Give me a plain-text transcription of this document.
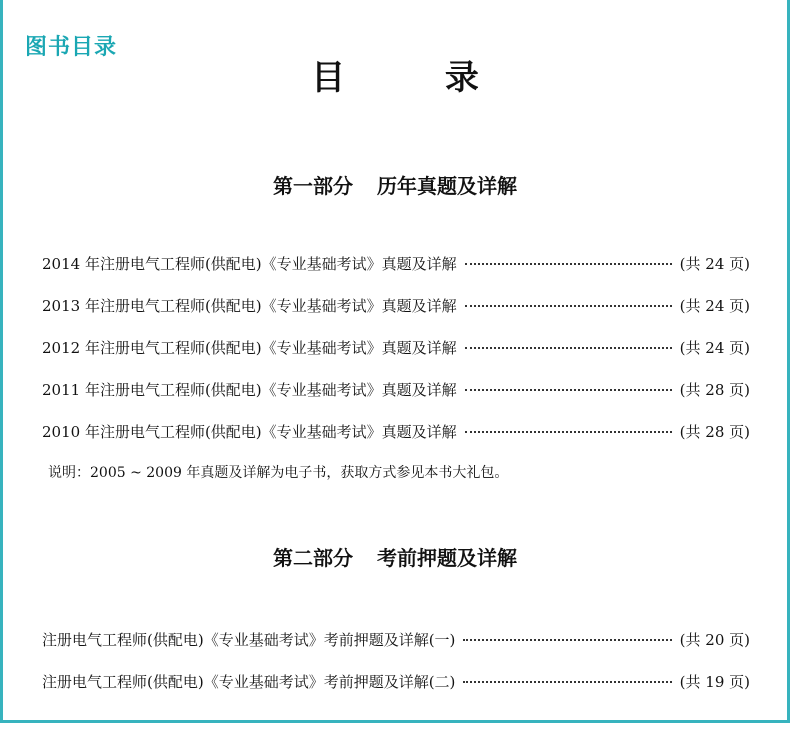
图书目录
目 录
第一部分 历年真题及详解
2014 年注册电气工程师(供配电)《专业基础考试》真题及详解	(共 24 页)
2013 年注册电气工程师(供配电)《专业基础考试》真题及详解	(共 24 页)
2012 年注册电气工程师(供配电)《专业基础考试》真题及详解	(共 24 页)
2011 年注册电气工程师(供配电)《专业基础考试》真题及详解	(共 28 页)
2010 年注册电气工程师(供配电)《专业基础考试》真题及详解	(共 28 页)
说明：2005 ~ 2009 年真题及详解为电子书，获取方式参见本书大礼包。
第二部分 考前押题及详解
注册电气工程师(供配电)《专业基础考试》考前押题及详解(一)	(共 20 页)
注册电气工程师(供配电)《专业基础考试》考前押题及详解(二)	(共 19 页)
